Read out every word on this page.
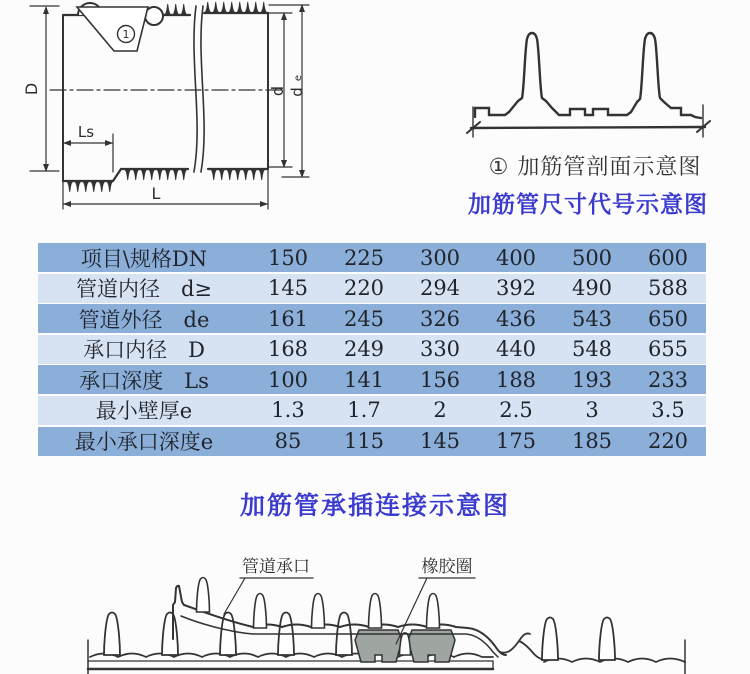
1
D
Ls
L
d d
e
① 加筋管剖面示意图
加筋管尺寸代号示意图
项目\规格DN	150	225	300	400	500	600
管道内径　d≥	145	220	294	392	490	588
管道外径　de	161	245	326	436	543	650
承口内径　D	168	249	330	440	548	655
承口深度　Ls	100	141	156	188	193	233
最小壁厚e	1.3	1.7	2	2.5	3	3.5
最小承口深度e	85	115	145	175	185	220
加筋管承插连接示意图
管道承口	橡胶圈
